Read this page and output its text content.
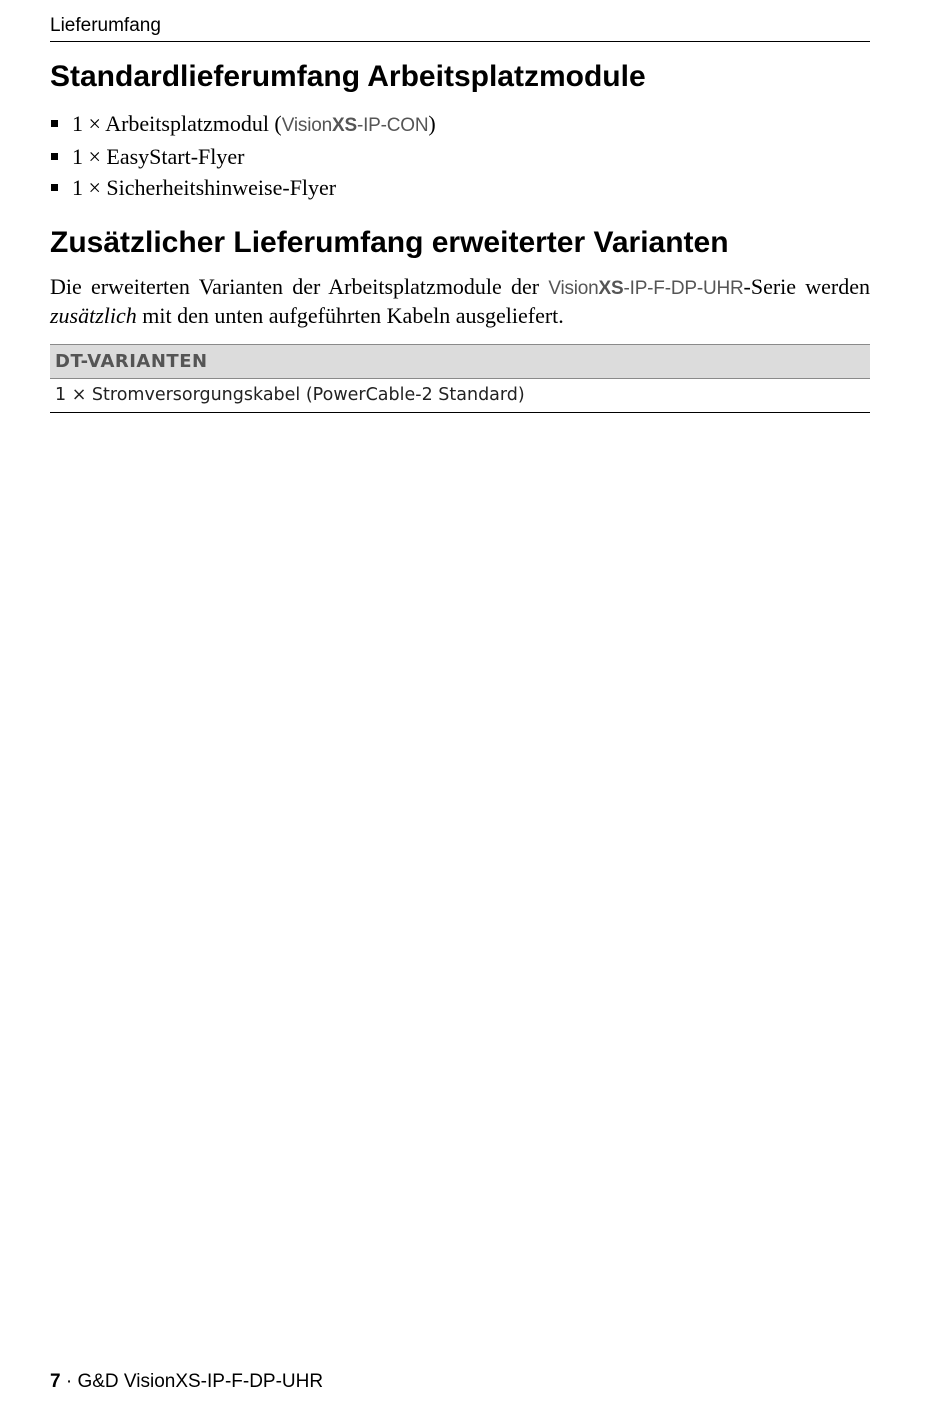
Lieferumfang
Standardlieferumfang Arbeitsplatzmodule
1 × Arbeitsplatzmodul (VisionXS-IP-CON)
1 × EasyStart-Flyer
1 × Sicherheitshinweise-Flyer
Zusätzlicher Lieferumfang erweiterter Varianten

Die erweiterten Varianten der Arbeitsplatzmodule der VisionXS-IP-F-DP-UHR-Serie werden zusätzlich mit den unten aufgeführten Kabeln ausgeliefert.

DT-VARIANTEN
1 × Stromversorgungskabel (PowerCable-2 Standard)
7 · G&D VisionXS-IP-F-DP-UHR
